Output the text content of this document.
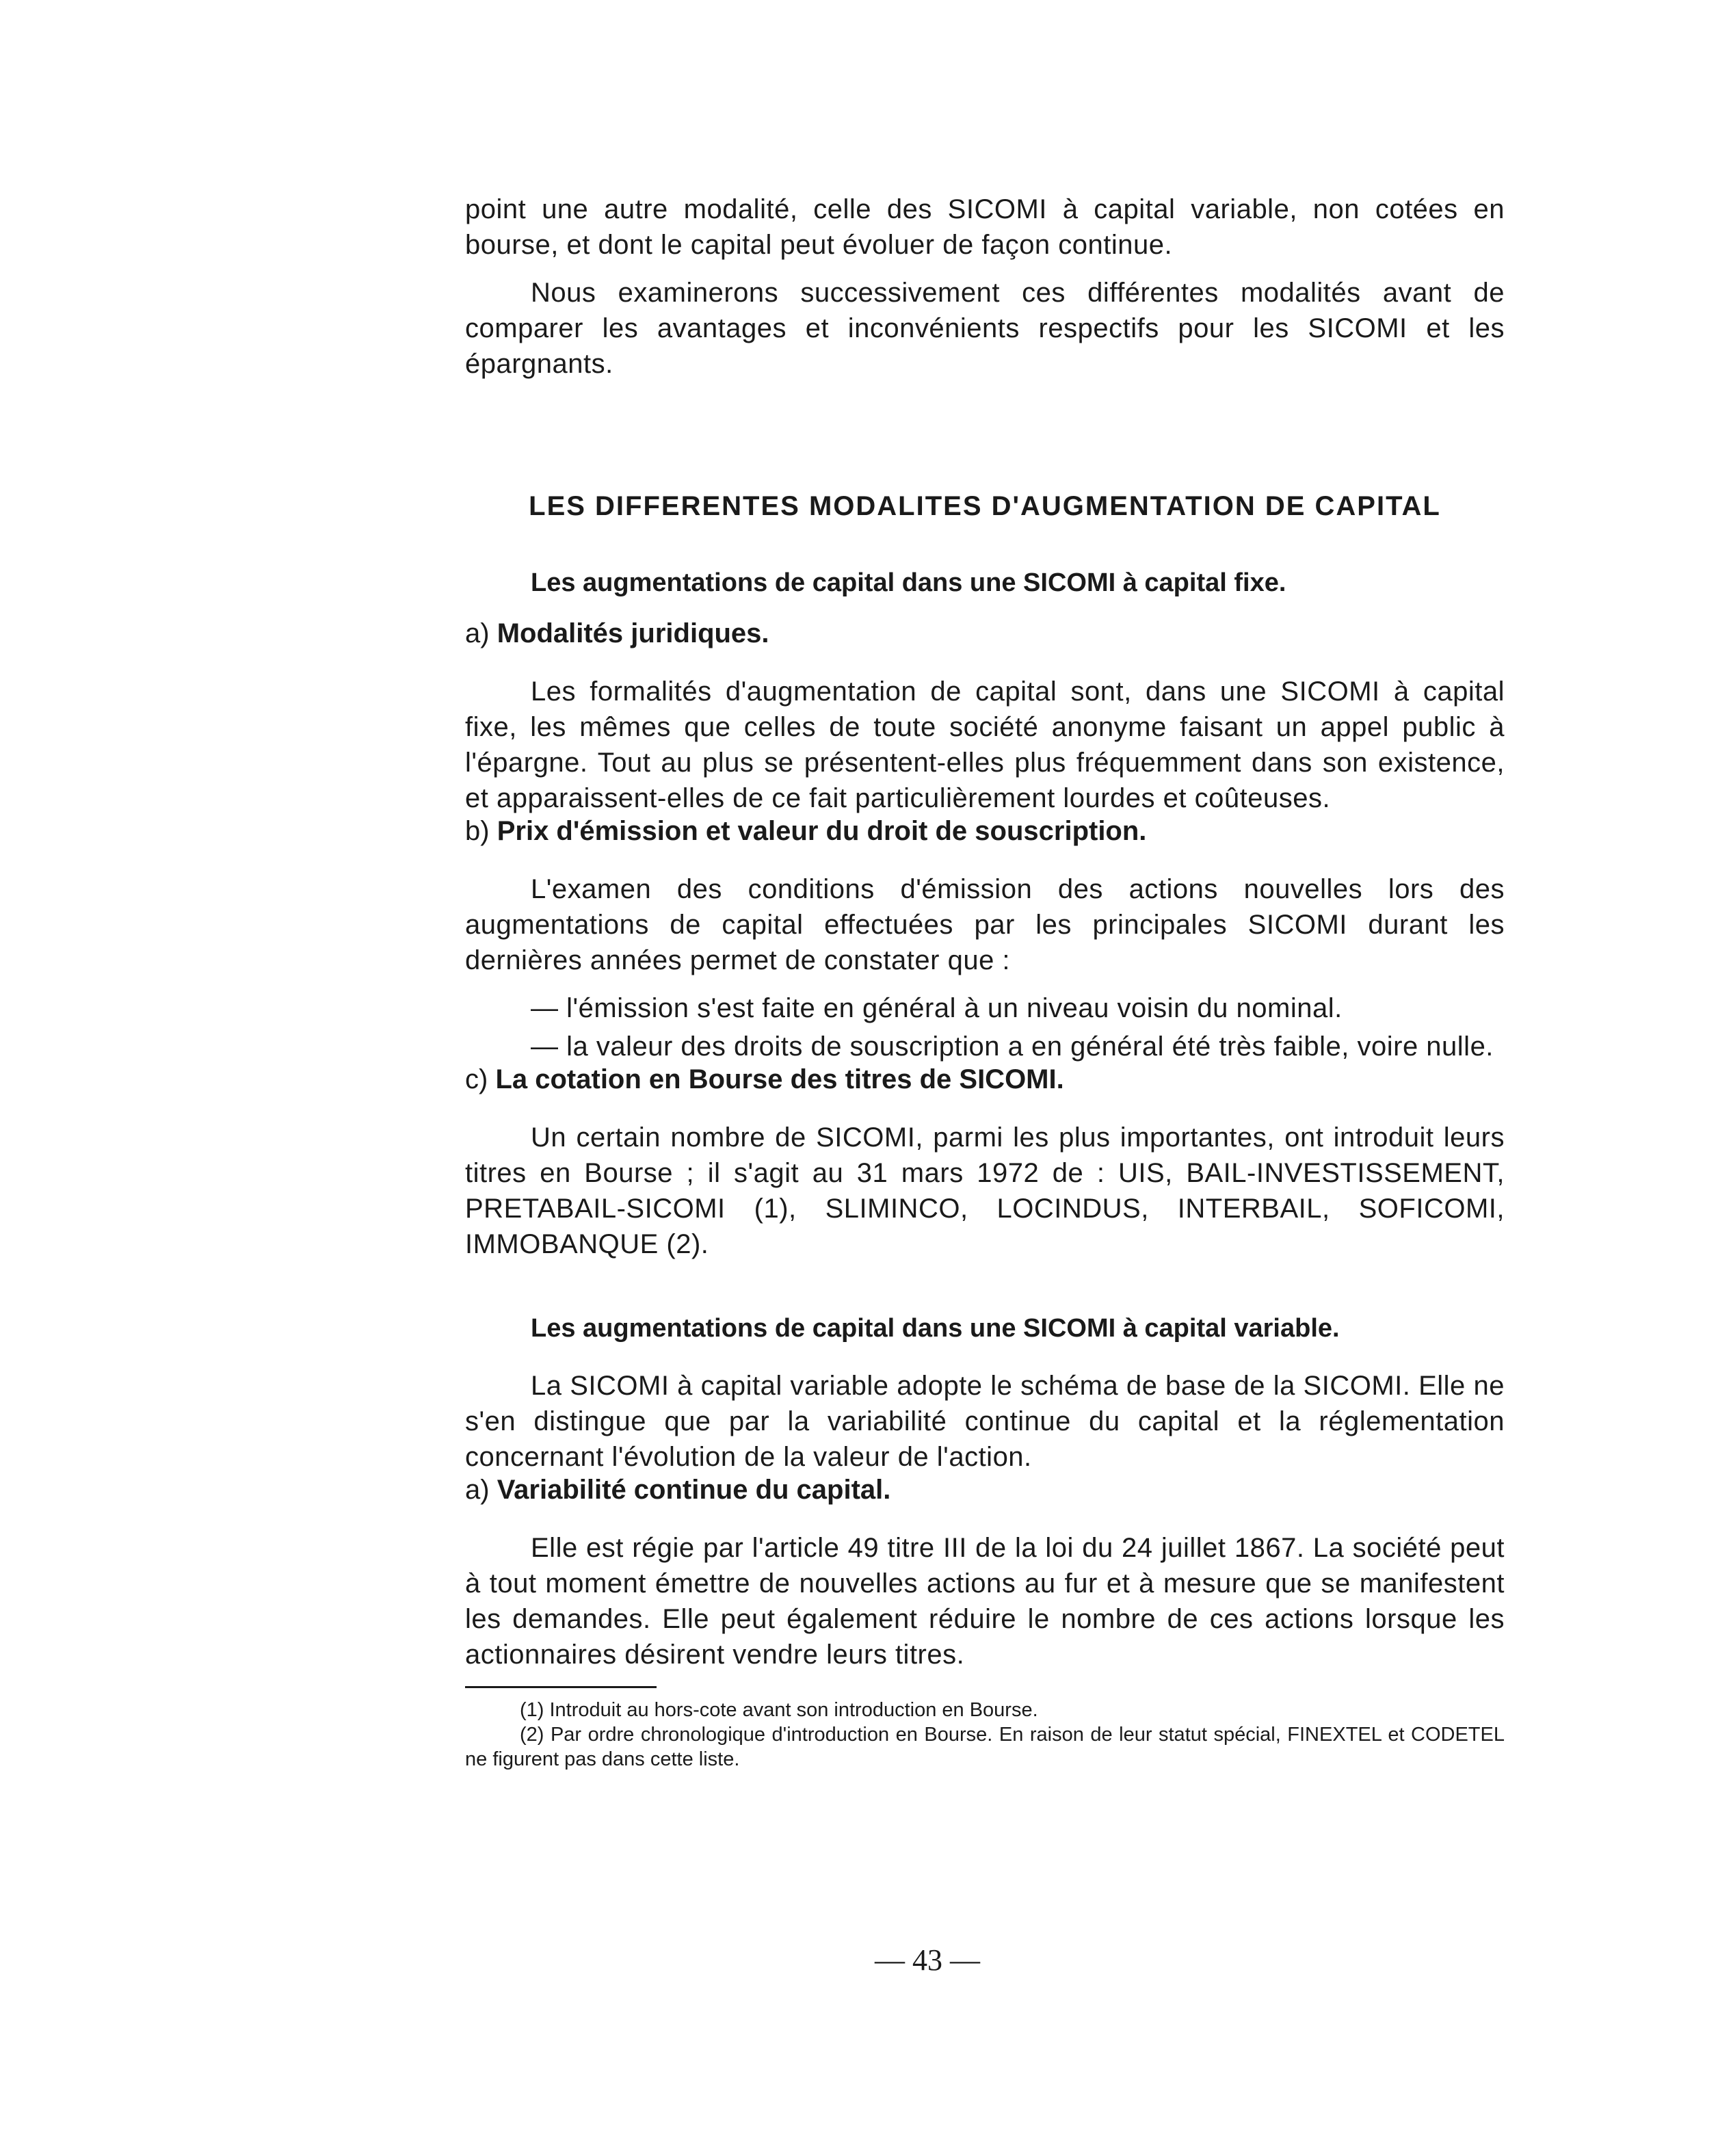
point une autre modalité, celle des SICOMI à capital variable, non cotées en bourse, et dont le capital peut évoluer de façon continue.

Nous examinerons successivement ces différentes modalités avant de comparer les avantages et inconvénients respectifs pour les SICOMI et les épargnants.

LES DIFFERENTES MODALITES D'AUGMENTATION DE CAPITAL
Les augmentations de capital dans une SICOMI à capital fixe.

a) Modalités juridiques.

Les formalités d'augmentation de capital sont, dans une SICOMI à capital fixe, les mêmes que celles de toute société anonyme faisant un appel public à l'épargne. Tout au plus se présentent-elles plus fréquemment dans son existence, et apparaissent-elles de ce fait particulièrement lourdes et coûteuses.

b) Prix d'émission et valeur du droit de souscription.

L'examen des conditions d'émission des actions nouvelles lors des augmentations de capital effectuées par les principales SICOMI durant les dernières années permet de constater que :

— l'émission s'est faite en général à un niveau voisin du nominal.

— la valeur des droits de souscription a en général été très faible, voire nulle.

c) La cotation en Bourse des titres de SICOMI.

Un certain nombre de SICOMI, parmi les plus importantes, ont introduit leurs titres en Bourse ; il s'agit au 31 mars 1972 de : UIS, BAIL-INVESTISSEMENT, PRETABAIL-SICOMI (1), SLIMINCO, LOCINDUS, INTERBAIL, SOFICOMI, IMMOBANQUE (2).

Les augmentations de capital dans une SICOMI à capital variable.

La SICOMI à capital variable adopte le schéma de base de la SICOMI. Elle ne s'en distingue que par la variabilité continue du capital et la réglementation concernant l'évolution de la valeur de l'action.

a) Variabilité continue du capital.

Elle est régie par l'article 49 titre III de la loi du 24 juillet 1867. La société peut à tout moment émettre de nouvelles actions au fur et à mesure que se manifestent les demandes. Elle peut également réduire le nombre de ces actions lorsque les actionnaires désirent vendre leurs titres.

(1) Introduit au hors-cote avant son introduction en Bourse.

(2) Par ordre chronologique d'introduction en Bourse. En raison de leur statut spécial, FINEXTEL et CODETEL ne figurent pas dans cette liste.

— 43 —
